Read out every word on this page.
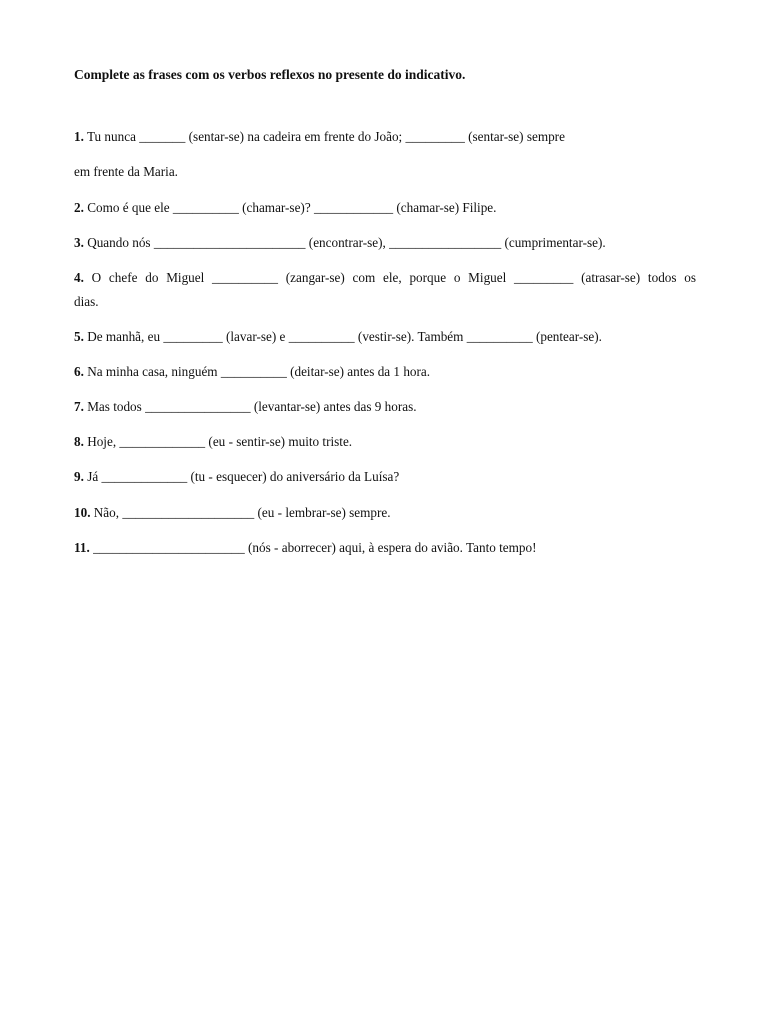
Complete as frases com os verbos reflexos no presente do indicativo.
1. Tu nunca _______ (sentar-se) na cadeira em frente do João; _________ (sentar-se) sempre
em frente da Maria.
2. Como é que ele __________ (chamar-se)? ____________ (chamar-se) Filipe.
3. Quando nós _______________________ (encontrar-se), _________________ (cumprimentar-se).
4. O chefe do Miguel __________ (zangar-se) com ele, porque o Miguel _________ (atrasar-se) todos os
dias.
5. De manhã, eu _________ (lavar-se) e __________ (vestir-se). Também __________ (pentear-se).
6. Na minha casa, ninguém __________ (deitar-se) antes da 1 hora.
7. Mas todos ________________ (levantar-se) antes das 9 horas.
8. Hoje, _____________ (eu - sentir-se) muito triste.
9. Já _____________ (tu - esquecer) do aniversário da Luísa?
10. Não, ____________________ (eu - lembrar-se) sempre.
11. _______________________ (nós - aborrecer) aqui, à espera do avião. Tanto tempo!
